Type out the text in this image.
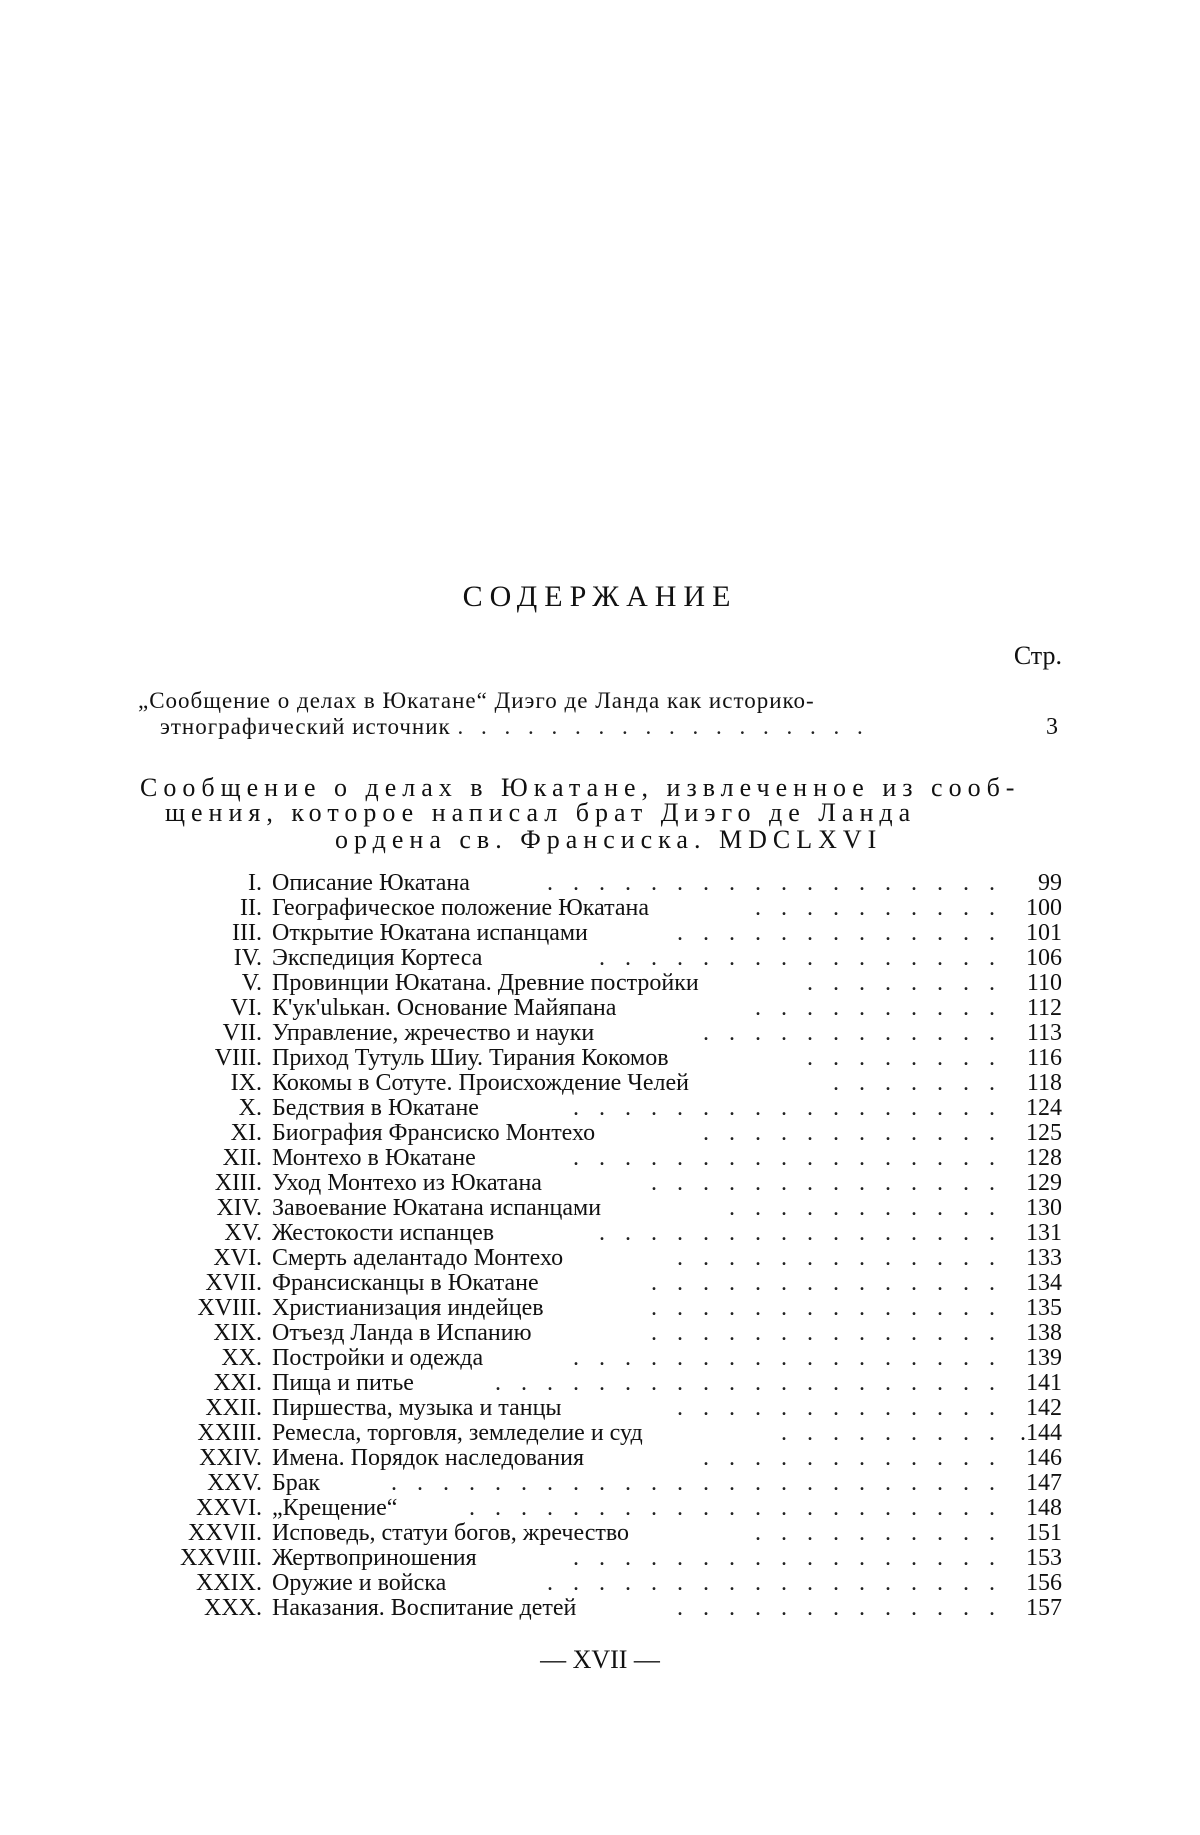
СОДЕРЖАНИЕ
Стр.
„Сообщение о делах в Юкатане“ Диэго де Ланда как историко-
этнографический источник . . . . . . . . . . . . . . . . . .	3
Сообщение о делах в Юкатане, извлеченное из сооб-
щения, которое написал брат Диэго де Ланда
ордена св. Франсиска. MDCLXVI
I. Описание Юкатана	. . . . . . . . . . . . . . . . . .	99
II. Географическое положение Юкатана	. . . . . . . . . .	100
III. Открытие Юкатана испанцами	. . . . . . . . . . . . .	101
IV. Экспедиция Кортеса	. . . . . . . . . . . . . . . .	106
V. Провинции Юкатана. Древние постройки	. . . . . . . .	110
VI. К'ук'ulькан. Основание Майяпана	. . . . . . . . . .	112
VII. Управление, жречество и науки	. . . . . . . . . . . .	113
VIII. Приход Тутуль Шиу. Тирания Кокомов	. . . . . . . .	116
IX. Кокомы в Сотуте. Происхождение Челей	. . . . . . .	118
X. Бедствия в Юкатане	. . . . . . . . . . . . . . . . .	124
XI. Биография Франсиско Монтехо	. . . . . . . . . . . .	125
XII. Монтехо в Юкатане	. . . . . . . . . . . . . . . . .	128
XIII. Уход Монтехо из Юкатана	. . . . . . . . . . . . . .	129
XIV. Завоевание Юкатана испанцами	. . . . . . . . . . .	130
XV. Жестокости испанцев	. . . . . . . . . . . . . . . .	131
XVI. Смерть аделантадо Монтехо	. . . . . . . . . . . . .	133
XVII. Франсисканцы в Юкатане	. . . . . . . . . . . . . .	134
XVIII. Христианизация индейцев	. . . . . . . . . . . . . .	135
XIX. Отъезд Ланда в Испанию	. . . . . . . . . . . . . .	138
XX. Постройки и одежда	. . . . . . . . . . . . . . . . .	139
XXI. Пища и питье	. . . . . . . . . . . . . . . . . . . .	141
XXII. Пиршества, музыка и танцы	. . . . . . . . . . . . .	142
XXIII. Ремесла, торговля, земледелие и суд	. . . . . . . . . .144
XXIV. Имена. Порядок наследования	. . . . . . . . . . . .	146
XXV. Брак	. . . . . . . . . . . . . . . . . . . . . . . .	147
XXVI. „Крещение“	. . . . . . . . . . . . . . . . . . . . .	148
XXVII. Исповедь, статуи богов, жречество	. . . . . . . . . .	151
XXVIII. Жертвоприношения	. . . . . . . . . . . . . . . . .	153
XXIX. Оружие и войска	. . . . . . . . . . . . . . . . . .	156
XXX. Наказания. Воспитание детей	. . . . . . . . . . . . .	157
— XVII —
